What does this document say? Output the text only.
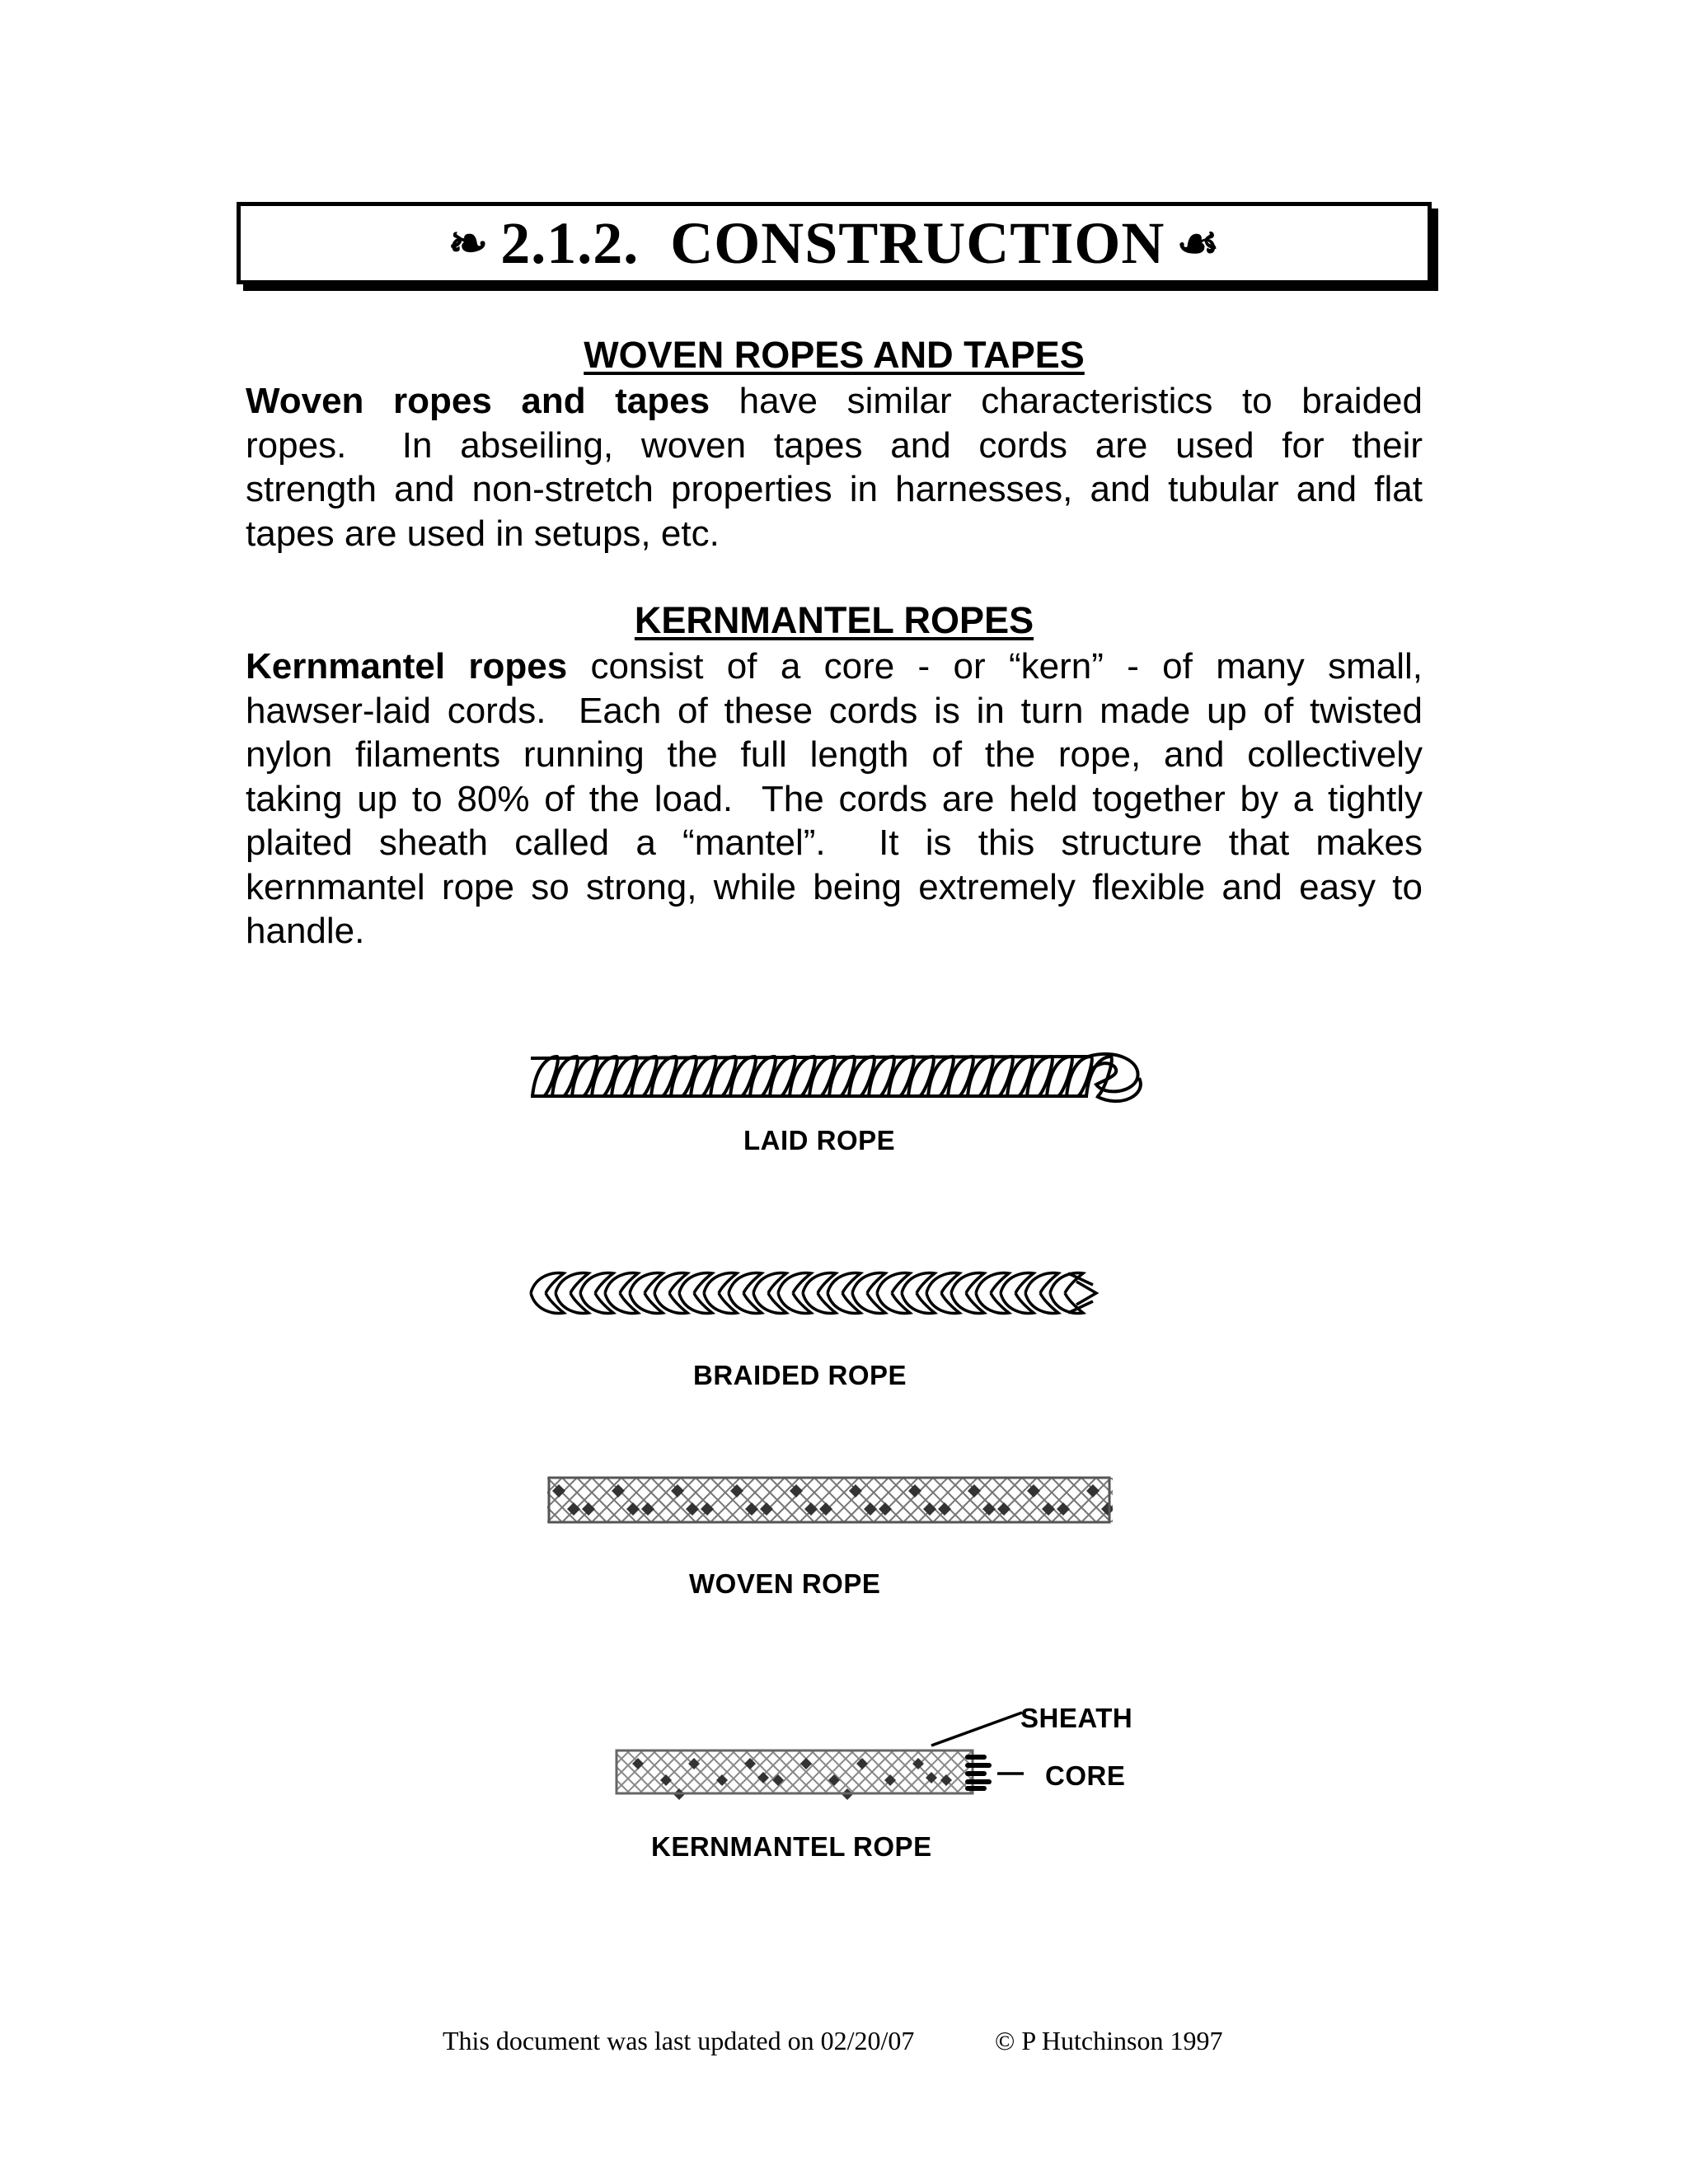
❧ 2.1.2.  CONSTRUCTION ☙
WOVEN ROPES AND TAPES
Woven ropes and tapes have similar characteristics to braided
ropes.  In abseiling, woven tapes and cords are used for their
strength and non-stretch properties in harnesses, and tubular and flat
tapes are used in setups, etc.
KERNMANTEL ROPES
Kernmantel ropes consist of a core - or “kern” - of many small,
hawser-laid cords.  Each of these cords is in turn made up of twisted
nylon filaments running the full length of the rope, and collectively
taking up to 80% of the load.  The cords are held together by a tightly
plaited sheath called a “mantel”.  It is this structure that makes
kernmantel rope so strong, while being extremely flexible and easy to
handle.
LAID ROPE
BRAIDED ROPE
WOVEN ROPE
SHEATH
CORE
KERNMANTEL ROPE
This document was last updated on 02/20/07	© P Hutchinson 1997
